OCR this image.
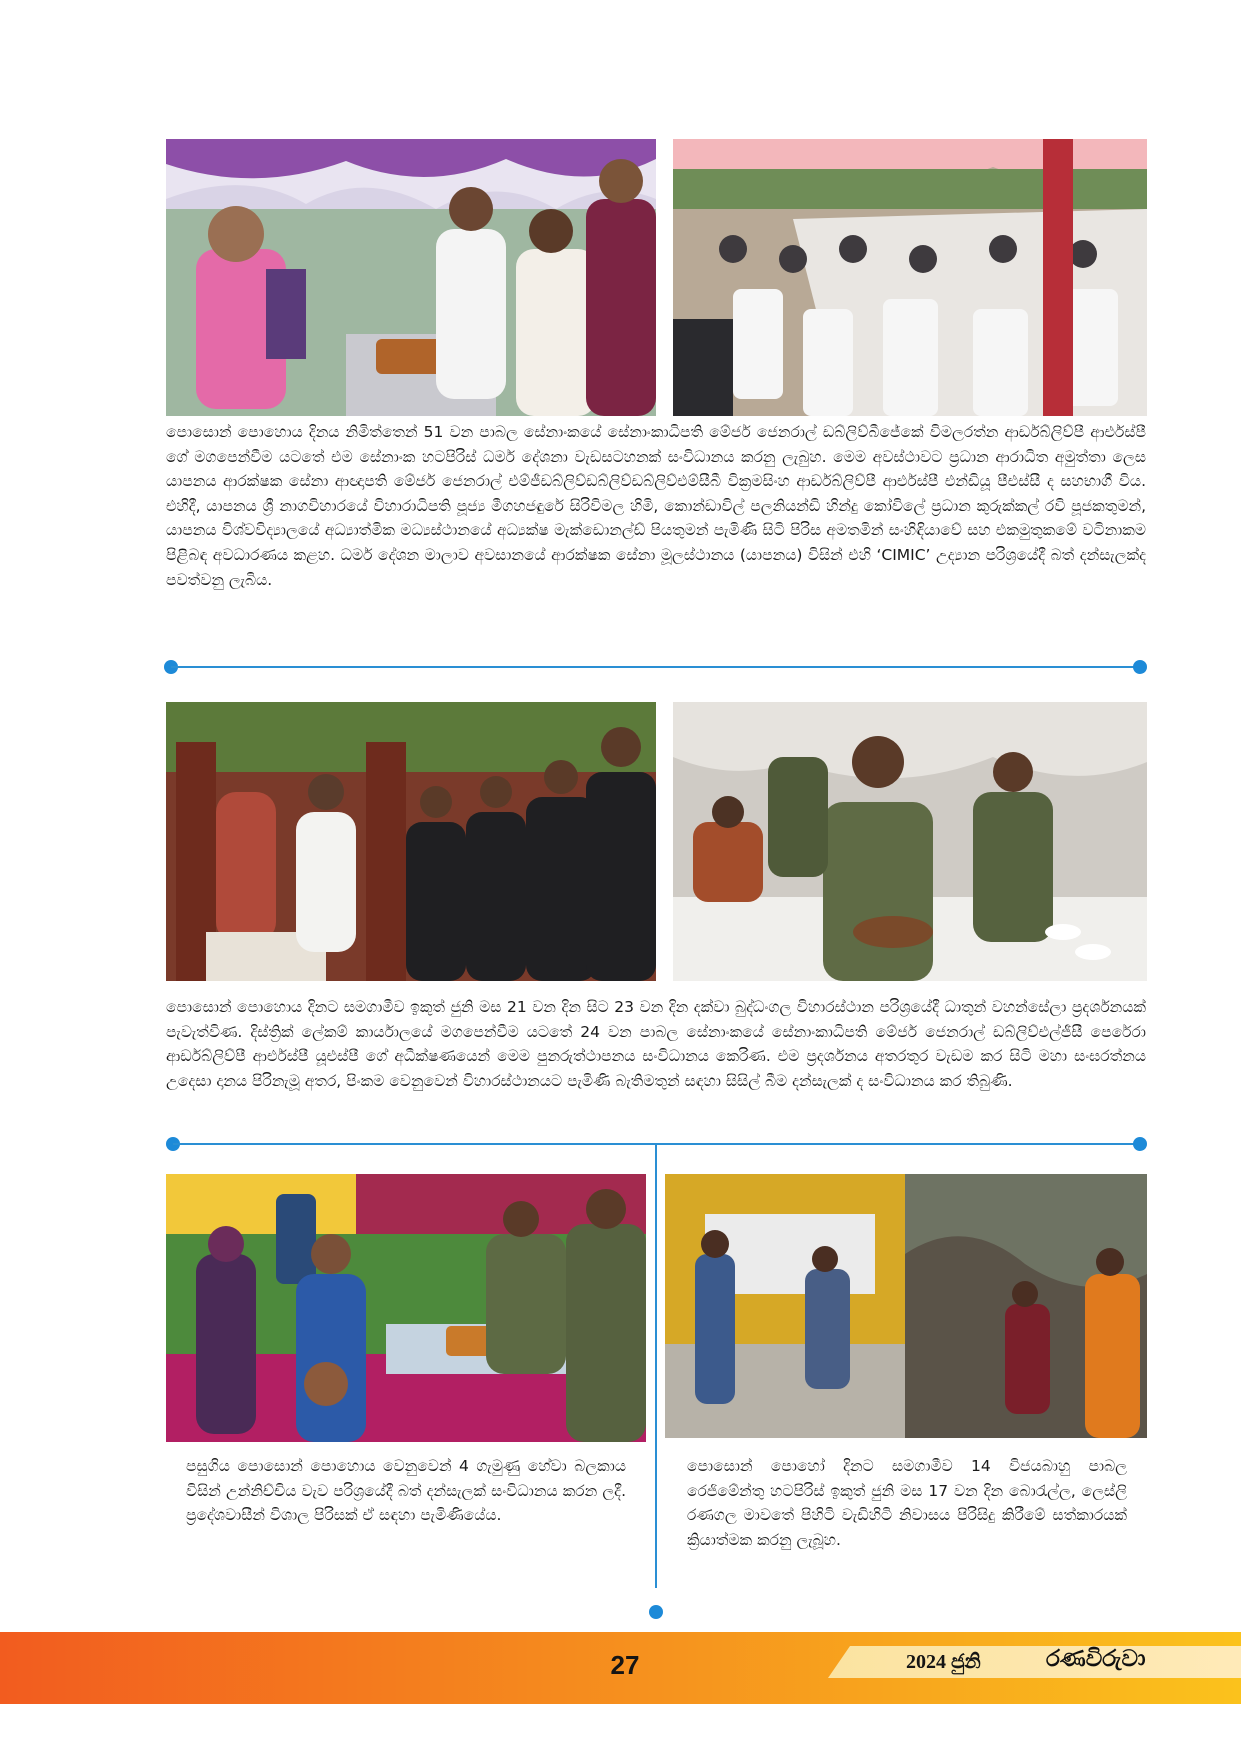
පොසොන් පොහොය දිනය නිමිත්තෙන් 51 වන පාබල සේනාංකයේ සේනාංකාධිපති මේජර් ජෙනරාල් ඩබ්ලිව්බීජේකේ විමලරත්න ආර්ඩබ්ලිව්පී ආර්එස්පී ගේ මගපෙන්වීම යටතේ එම සේනාංක හටපිරිස් ධර්ම දේශනා වැඩසටහනක් සංවිධානය කරනු ලැබුහ. මෙම අවස්ථාවට ප්‍රධාන ආරාධිත අමුත්තා ලෙස යාපනය ආරක්ෂක සේනා ආඥාපති මේජර් ජෙනරාල් එම්ජීඩබ්ලිව්ඩබ්ලිව්ඩබ්ලිව්එම්සීබී වික්‍රමසිංහ ආර්ඩබ්ලිව්පී ආර්එස්පී එන්ඩියූ පීඑස්සී ද සහභාගී විය. එහිදී, යාපනය ශ්‍රී නාගවිහාරයේ විහාරාධිපති පූජ්‍ය මීගහජඳුරේ සිරිවිමල හිමි, කොන්ඩාවිල් පලනියන්ඩි හින්දු කෝවිලේ ප්‍රධාන කුරුක්කල් රවි පූජකතුමන්, යාපනය විශ්වවිද්‍යාලයේ අධ්‍යාත්මික මධ්‍යස්ථානයේ අධ්‍යක්ෂ මැක්ඩොනල්ඩ් පියතුමන් පැමිණි සිටි පිරිස අමතමින් සංහිඳියාවේ සහ එකමුතුකමේ වටිනාකම පිළිබඳ අවධාරණය කළහ. ධර්ම දේශන මාලාව අවසානයේ ආරක්ෂක සේනා මූලස්ථානය (යාපනය) විසින් එහි ‘CIMIC’ උද්‍යාන පරිශ්‍රයේදී බත් දන්සැලක්ද පවත්වනු ලැබිය.

පොසොන් පොහොය දිනට සමගාමීව ඉකුත් ජුනි මස 21 වන දින සිට 23 වන දින දක්වා බුද්ධංගල විහාරස්ථාන පරිශ්‍රයේදී ධාතුන් වහන්සේලා ප්‍රදර්ශනයක් පැවැත්විණ. දිස්ත්‍රික් ලේකම් කාර්යාලයේ මගපෙන්වීම යටතේ 24 වන පාබල සේනාංකයේ සේනාංකාධිපති මේජර් ජෙනරාල් ඩබ්ලිව්එල්ජීසී පෙරේරා ආර්ඩබ්ලිව්පී ආර්එස්පී යූඑස්පී ගේ අධීක්ෂණයෙන් මෙම පුනරුත්ථාපනය සංවිධානය කෙරිණ. එම ප්‍රදර්ශනය අතරතුර වැඩම කර සිටි මහා සංඝරත්නය උදෙසා දානය පිරිනැමූ අතර, පිංකම වෙනුවෙන් විහාරස්ථානයට පැමිණි බැතිමතුන් සඳහා සිසිල් බීම දන්සැලක් ද සංවිධානය කර තිබුණි.

පසුගිය පොසොන් පොහොය වෙනුවෙන් 4 ගැමුණු හේවා බලකාය විසින් උන්නිච්චිය වැව පරිශ්‍රයේදී බත් දන්සැලක් සංවිධානය කරන ලදී. ප්‍රදේශවාසීන් විශාල පිරිසක් ඒ සඳහා පැමිණියේය.

පොසොන් පොහෝ දිනට සමගාමීව 14 විජයබාහු පාබල රෙජිමේන්තු හටපිරිස් ඉකුත් ජුනි මස 17 වන දින බොරැල්ල, ලෙස්ලි රණගල මාවතේ පිහිටි වැඩිහිටි නිවාසය පිරිසිදු කිරීමේ සත්කාරයක් ක්‍රියාත්මක කරනු ලැබූහ.

27	2024 ජුනි	රණවිරුවා
